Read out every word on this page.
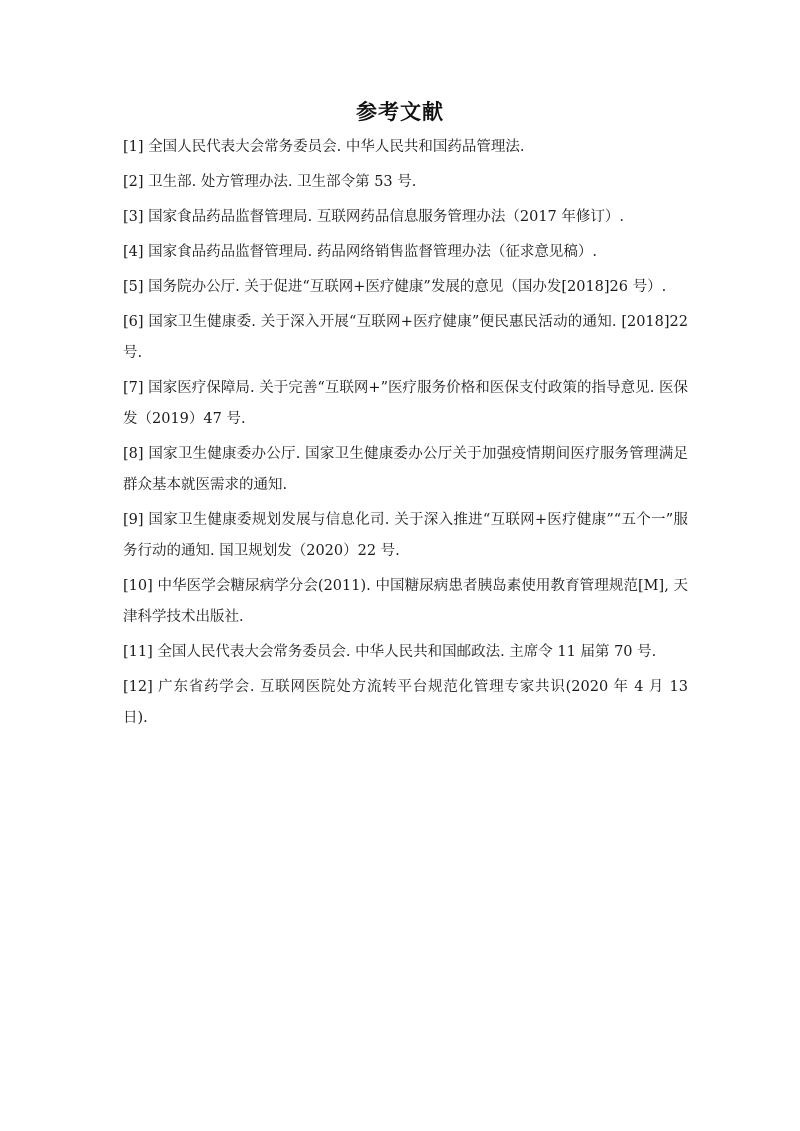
参考文献

[1] 全国人民代表大会常务委员会. 中华人民共和国药品管理法.

[2] 卫生部. 处方管理办法. 卫生部令第 53 号.

[3] 国家食品药品监督管理局. 互联网药品信息服务管理办法（2017 年修订）.

[4] 国家食品药品监督管理局. 药品网络销售监督管理办法（征求意见稿）.

[5] 国务院办公厅. 关于促进“互联网+医疗健康”发展的意见（国办发[2018]26 号）.

[6] 国家卫生健康委. 关于深入开展“互联网+医疗健康”便民惠民活动的通知. [2018]22 号.

[7] 国家医疗保障局. 关于完善“互联网+”医疗服务价格和医保支付政策的指导意见. 医保发（2019）47 号.

[8] 国家卫生健康委办公厅. 国家卫生健康委办公厅关于加强疫情期间医疗服务管理满足群众基本就医需求的通知.

[9] 国家卫生健康委规划发展与信息化司. 关于深入推进“互联网+医疗健康”“五个一”服务行动的通知. 国卫规划发（2020）22 号.

[10] 中华医学会糖尿病学分会(2011). 中国糖尿病患者胰岛素使用教育管理规范[M], 天津科学技术出版社.

[11] 全国人民代表大会常务委员会. 中华人民共和国邮政法. 主席令 11 届第 70 号.

[12] 广东省药学会. 互联网医院处方流转平台规范化管理专家共识(2020 年 4 月 13 日).
